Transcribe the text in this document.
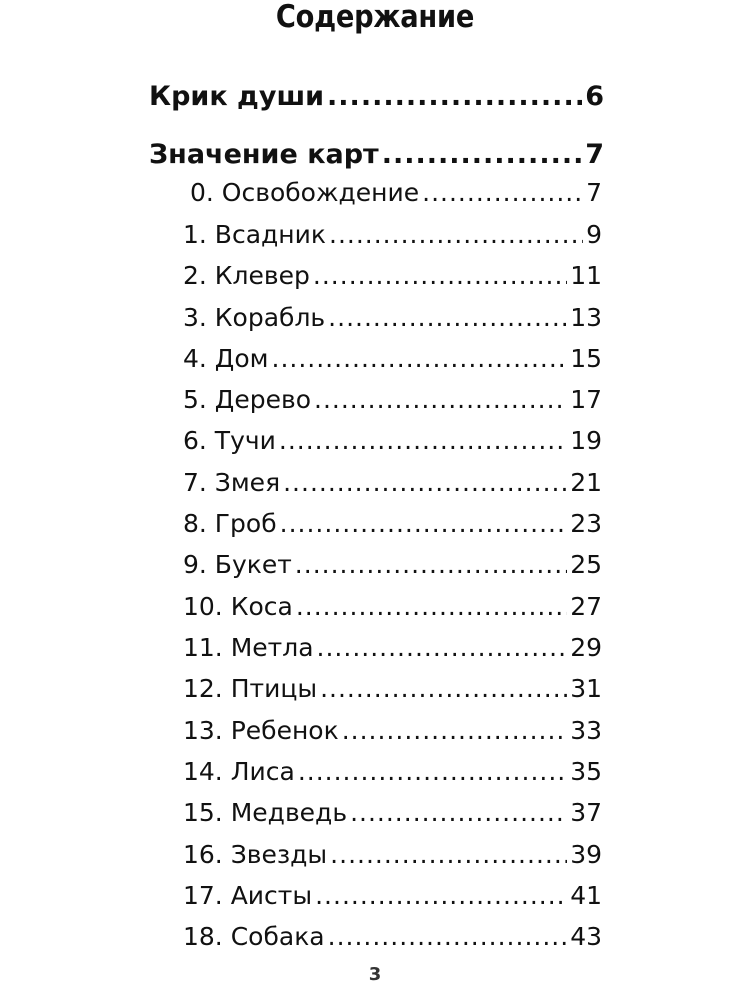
Содержание
Крик души .....	6
Значение карт .....	7
0. Освобождение .....	7
1. Всадник .....	9
2. Клевер .....	11
3. Корабль .....	13
4. Дом .....	15
5. Дерево .....	17
6. Тучи .....	19
7. Змея .....	21
8. Гроб .....	23
9. Букет .....	25
10. Коса .....	27
11. Метла .....	29
12. Птицы .....	31
13. Ребенок .....	33
14. Лиса .....	35
15. Медведь .....	37
16. Звезды .....	39
17. Аисты .....	41
18. Собака .....	43
3
